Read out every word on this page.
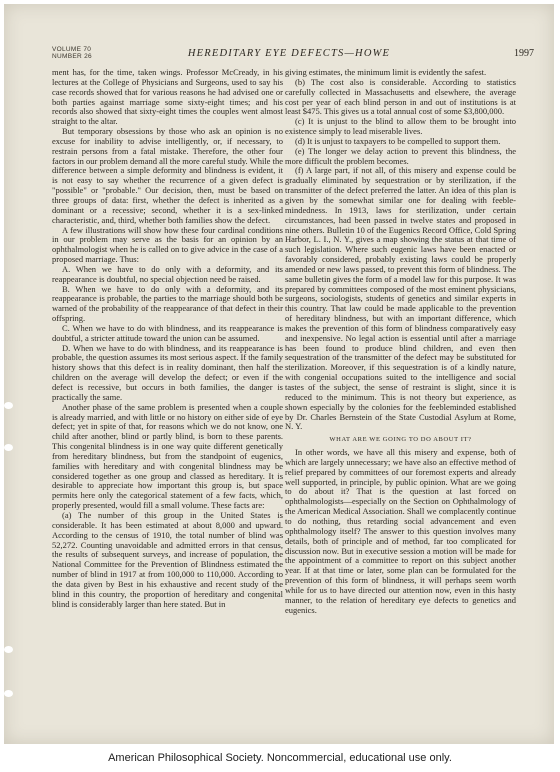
VOLUME 70
NUMBER 26	HEREDITARY EYE DEFECTS—HOWE	1997

ment has, for the time, taken wings. Professor McCready, in his lectures at the College of Physicians and Surgeons, used to say his case records showed that for various reasons he had advised one or both parties against marriage some sixty-eight times; and his records also showed that sixty-eight times the couples went almost straight to the altar.

But temporary obsessions by those who ask an opinion is no excuse for inability to advise intelligently, or, if necessary, to restrain persons from a fatal mistake. Therefore, the other four factors in our problem demand all the more careful study. While the difference between a simple deformity and blindness is evident, it is not easy to say whether the recurrence of a given defect is "possible" or "probable." Our decision, then, must be based on three groups of data: first, whether the defect is inherited as a dominant or a recessive; second, whether it is a sex-linked characteristic, and, third, whether both families show the defect.

A few illustrations will show how these four cardinal conditions in our problem may serve as the basis for an opinion by an ophthalmologist when he is called on to give advice in the case of a proposed marriage. Thus:

A. When we have to do only with a deformity, and its reappearance is doubtful, no special objection need be raised.

B. When we have to do only with a deformity, and its reappearance is probable, the parties to the marriage should both be warned of the probability of the reappearance of that defect in their offspring.

C. When we have to do with blindness, and its reappearance is doubtful, a stricter attitude toward the union can be assumed.

D. When we have to do with blindness, and its reappearance is probable, the question assumes its most serious aspect. If the family history shows that this defect is in reality dominant, then half the children on the average will develop the defect; or even if the defect is recessive, but occurs in both families, the danger is practically the same.

Another phase of the same problem is presented when a couple is already married, and with little or no history on either side of eye defect; yet in spite of that, for reasons which we do not know, one child after another, blind or partly blind, is born to these parents. This congenital blindness is in one way quite different genetically from hereditary blindness, but from the standpoint of eugenics, families with hereditary and with congenital blindness may be considered together as one group and classed as hereditary. It is desirable to appreciate how important this group is, but space permits here only the categorical statement of a few facts, which, properly presented, would fill a small volume. These facts are:

(a) The number of this group in the United States is considerable. It has been estimated at about 8,000 and upward. According to the census of 1910, the total number of blind was 52,272. Counting unavoidable and admitted errors in that census, the results of subsequent surveys, and increase of population, the National Committee for the Prevention of Blindness estimated the number of blind in 1917 at from 100,000 to 110,000. According to the data given by Best in his exhaustive and recent study of the blind in this country, the proportion of hereditary and congenital blind is considerably larger than here stated. But in

giving estimates, the minimum limit is evidently the safest.

(b) The cost also is considerable. According to statistics carefully collected in Massachusetts and elsewhere, the average cost per year of each blind person in and out of institutions is at least $475. This gives us a total annual cost of some $3,800,000.

(c) It is unjust to the blind to allow them to be brought into existence simply to lead miserable lives.

(d) It is unjust to taxpayers to be compelled to support them.

(e) The longer we delay action to prevent this blindness, the more difficult the problem becomes.

(f) A large part, if not all, of this misery and expense could be gradually eliminated by sequestration or by sterilization, if the transmitter of the defect preferred the latter. An idea of this plan is given by the somewhat similar one for dealing with feeble-mindedness. In 1913, laws for sterilization, under certain circumstances, had been passed in twelve states and proposed in nine others. Bulletin 10 of the Eugenics Record Office, Cold Spring Harbor, L. I., N. Y., gives a map showing the status at that time of such legislation. Where such eugenic laws have been enacted or favorably considered, probably existing laws could be properly amended or new laws passed, to prevent this form of blindness. The same bulletin gives the form of a model law for this purpose. It was prepared by committees composed of the most eminent physicians, surgeons, sociologists, students of genetics and similar experts in this country. That law could be made applicable to the prevention of hereditary blindness, but with an important difference, which makes the prevention of this form of blindness comparatively easy and inexpensive. No legal action is essential until after a marriage has been found to produce blind children, and even then sequestration of the transmitter of the defect may be substituted for sterilization. Moreover, if this sequestration is of a kindly nature, with congenial occupations suited to the intelligence and social tastes of the subject, the sense of restraint is slight, since it is reduced to the minimum. This is not theory but experience, as shown especially by the colonies for the feebleminded established by Dr. Charles Bernstein of the State Custodial Asylum at Rome, N. Y.

WHAT ARE WE GOING TO DO ABOUT IT?

In other words, we have all this misery and expense, both of which are largely unnecessary; we have also an effective method of relief prepared by committees of our foremost experts and already well supported, in principle, by public opinion. What are we going to do about it? That is the question at last forced on ophthalmologists—especially on the Section on Ophthalmology of the American Medical Association. Shall we complacently continue to do nothing, thus retarding social advancement and even ophthalmology itself? The answer to this question involves many details, both of principle and of method, far too complicated for discussion now. But in executive session a motion will be made for the appointment of a committee to report on this subject another year. If at that time or later, some plan can be formulated for the prevention of this form of blindness, it will perhaps seem worth while for us to have directed our attention now, even in this hasty manner, to the relation of hereditary eye defects to genetics and eugenics.

American Philosophical Society. Noncommercial, educational use only.
